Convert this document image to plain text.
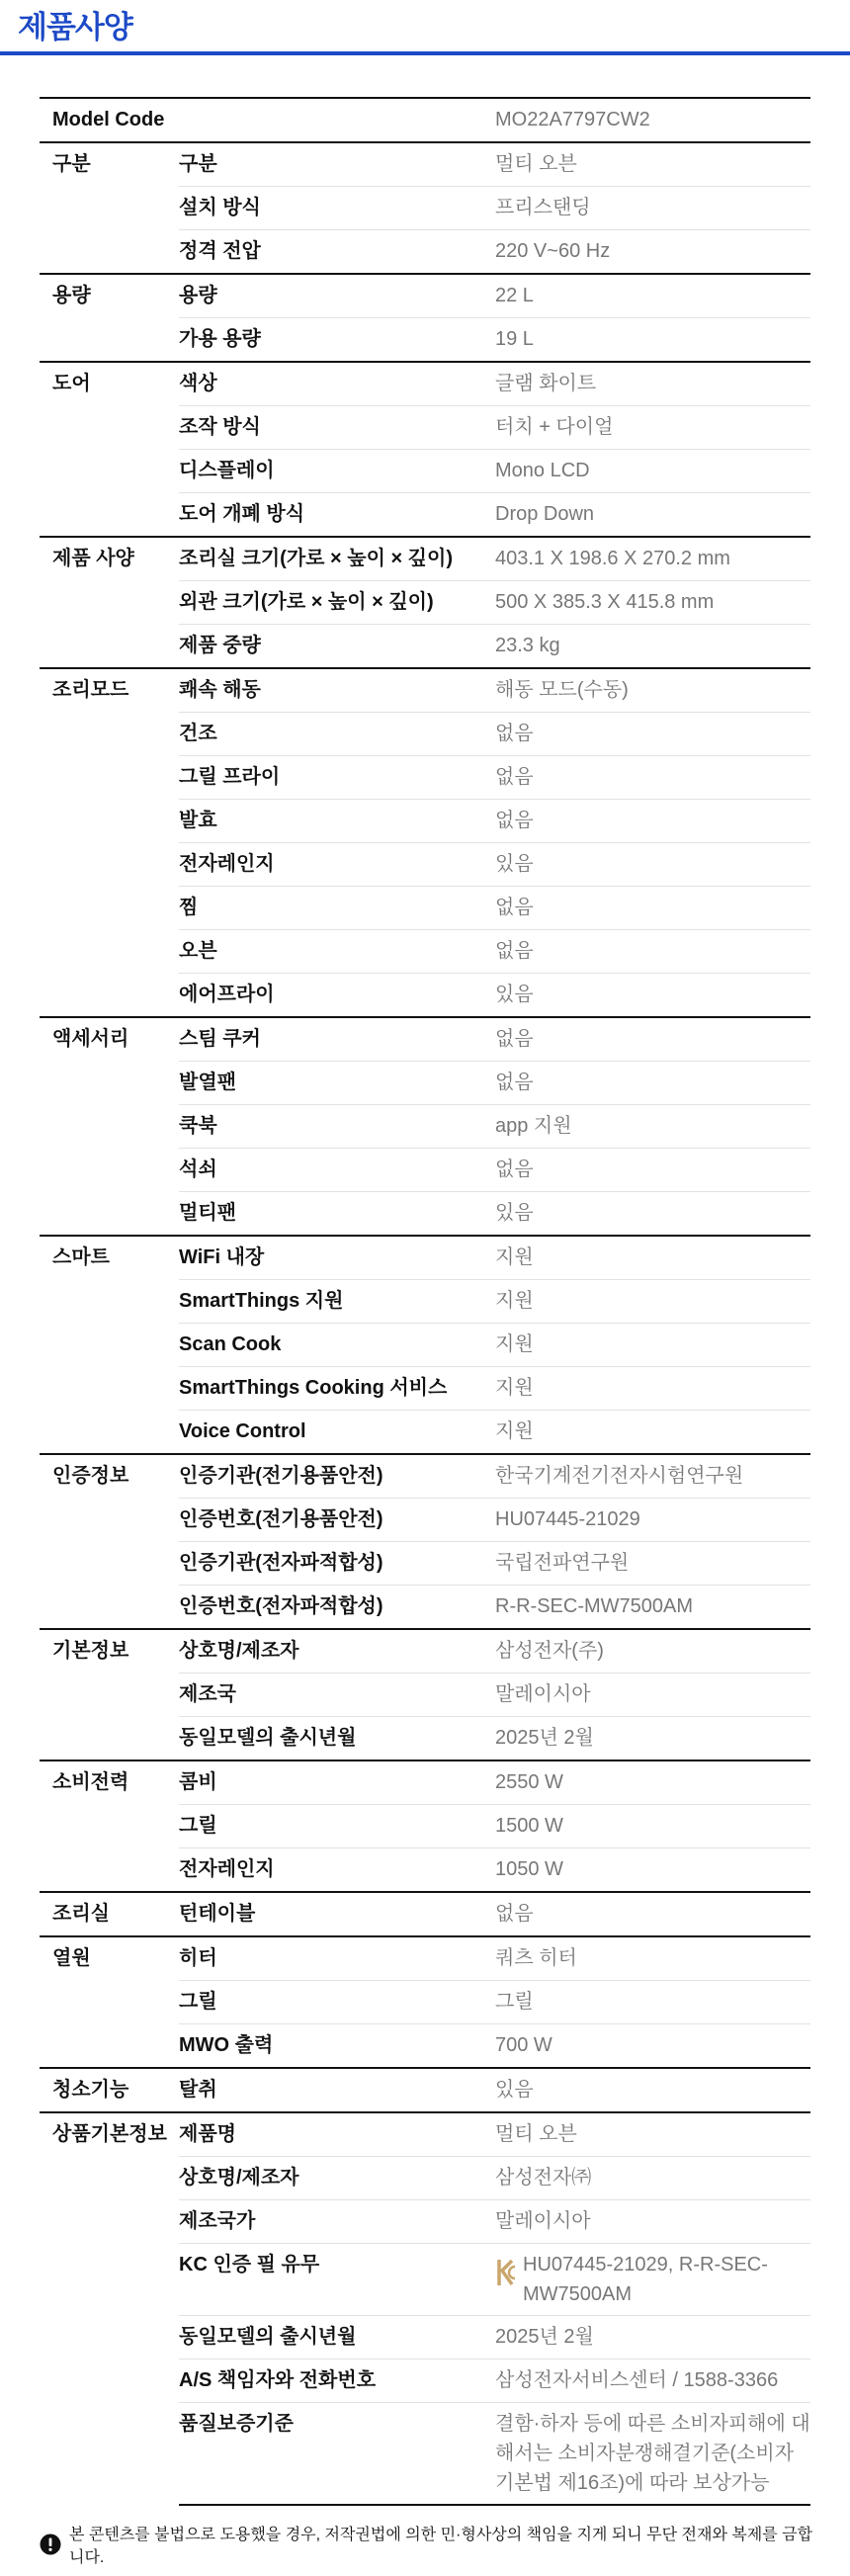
제품사양
Model Code		MO22A7797CW2

구분	구분	멀티 오븐

	설치 방식	프리스탠딩

	정격 전압	220 V~60 Hz

용량	용량	22 L

	가용 용량	19 L

도어	색상	글램 화이트

	조작 방식	터치 + 다이얼

	디스플레이	Mono LCD

	도어 개폐 방식	Drop Down

제품 사양	조리실 크기(가로 × 높이 × 깊이)	403.1 X 198.6 X 270.2 mm

	외관 크기(가로 × 높이 × 깊이)	500 X 385.3 X 415.8 mm

	제품 중량	23.3 kg

조리모드	쾌속 해동	해동 모드(수동)

	건조	없음

	그릴 프라이	없음

	발효	없음

	전자레인지	있음

	찜	없음

	오븐	없음

	에어프라이	있음

액세서리	스팀 쿠커	없음

	발열팬	없음

	쿡북	app 지원

	석쇠	없음

	멀티팬	있음

스마트	WiFi 내장	지원

	SmartThings 지원	지원

	Scan Cook	지원

	SmartThings Cooking 서비스	지원

	Voice Control	지원

인증정보	인증기관(전기용품안전)	한국기계전기전자시험연구원

	인증번호(전기용품안전)	HU07445-21029

	인증기관(전자파적합성)	국립전파연구원

	인증번호(전자파적합성)	R-R-SEC-MW7500AM

기본정보	상호명/제조자	삼성전자(주)

	제조국	말레이시아

	동일모델의 출시년월	2025년 2월

소비전력	콤비	2550 W

	그릴	1500 W

	전자레인지	1050 W

조리실	턴테이블	없음

열원	히터	쿼츠 히터

	그릴	그릴

	MWO 출력	700 W

청소기능	탈취	있음

상품기본정보	제품명	멀티 오븐

	상호명/제조자	삼성전자㈜

	제조국가	말레이시아

	KC 인증 필 유무	HU07445-21029, R-R-SEC-MW7500AM

	동일모델의 출시년월	2025년 2월

	A/S 책임자와 전화번호	삼성전자서비스센터 / 1588-3366

	품질보증기준	결함·하자 등에 따른 소비자피해에 대해서는 소비자분쟁해결기준(소비자기본법 제16조)에 따라 보상가능
본 콘텐츠를 불법으로 도용했을 경우, 저작권법에 의한 민·형사상의 책임을 지게 되니 무단 전재와 복제를 금합니다.
